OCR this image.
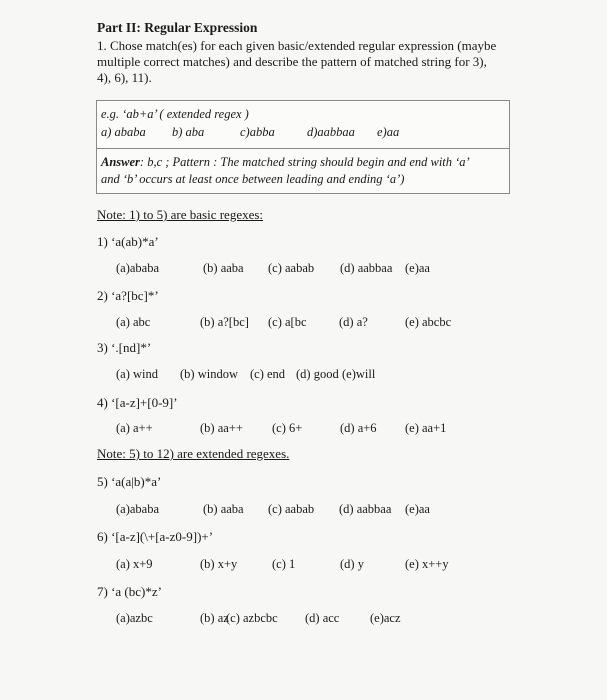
Part II: Regular Expression
1. Chose match(es) for each given basic/extended regular expression (maybe
multiple correct matches) and describe the pattern of matched string for 3),
4), 6), 11).
e.g. ‘ab+a’ ( extended regex )
a) ababa b) aba	c)abba	d)aabbaa e)aa
Answer: b,c ; Pattern : The matched string should begin and end with ‘a’
and ‘b’ occurs at least once between leading and ending ‘a’)
Note: 1) to 5) are basic regexes:
1) ‘a(ab)*a’
(a)ababa	(b) aaba (c) aabab (d) aabbaa (e)aa
2) ‘a?[bc]*’
(a) abc	(b) a?[bc] (c) a[bc	(d) a?	(e) abcbc
3) ‘.[nd]*’
(a) wind (b) window (c) end (d) good (e)will
4) ‘[a-z]+[0-9]’
(a) a++	(b) aa++ (c) 6+	(d) a+6 (e) aa+1
Note: 5) to 12) are extended regexes.
5) ‘a(a|b)*a’
(a)ababa	(b) aaba (c) aabab (d) aabbaa (e)aa
6) ‘[a-z](\+[a-z0-9])+’
(a) x+9	(b) x+y	(c) 1	(d) y	(e) x++y
7) ‘a (bc)*z’
(a)azbc	(b) az
(c) azbcbc (d) acc (e)acz
